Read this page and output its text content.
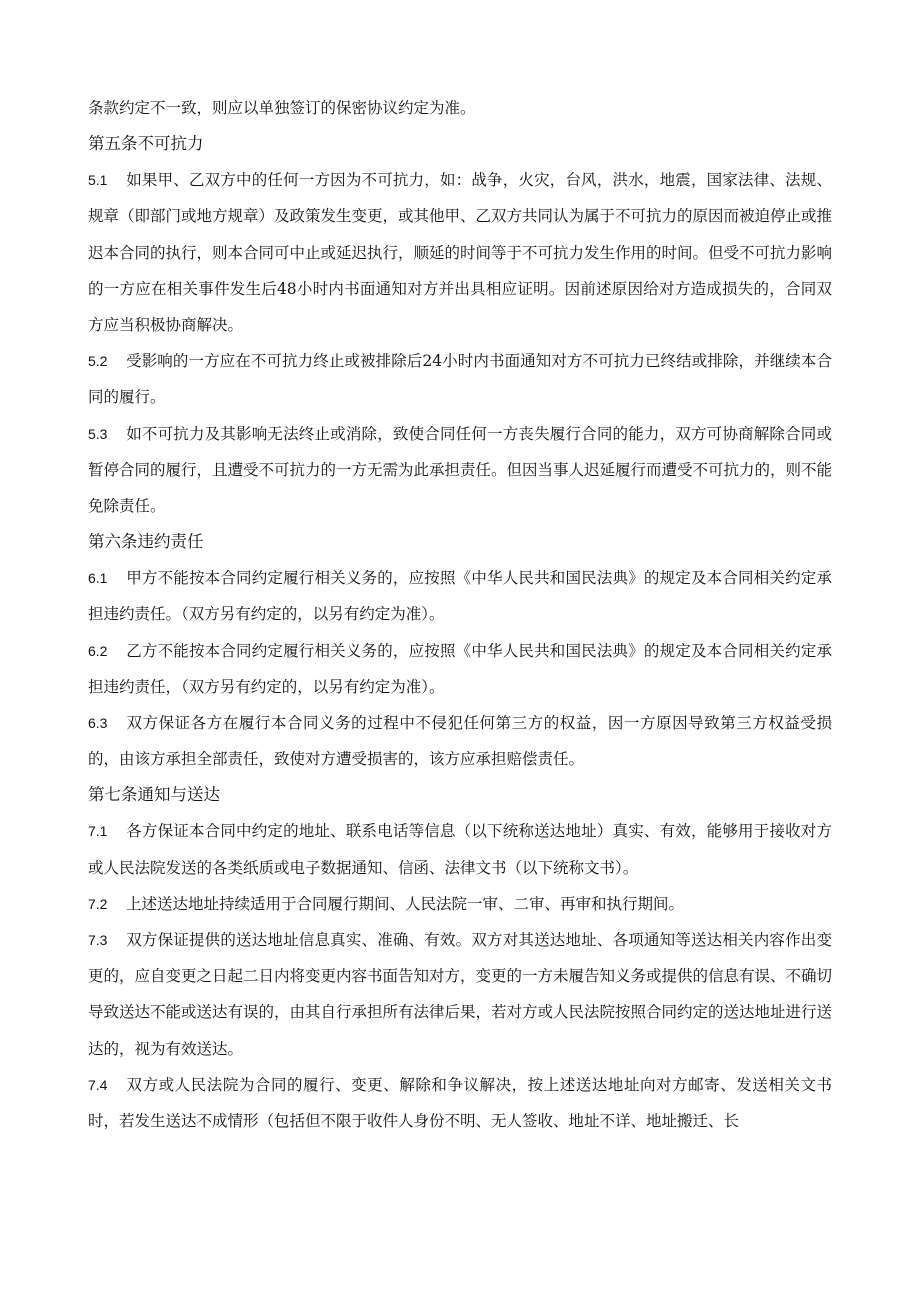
条款约定不一致，则应以单独签订的保密协议约定为准。

第五条不可抗力

5.1 如果甲、乙双方中的任何一方因为不可抗力，如：战争，火灾，台风，洪水，地震，国家法律、法规、规章（即部门或地方规章）及政策发生变更，或其他甲、乙双方共同认为属于不可抗力的原因而被迫停止或推迟本合同的执行，则本合同可中止或延迟执行，顺延的时间等于不可抗力发生作用的时间。但受不可抗力影响的一方应在相关事件发生后48小时内书面通知对方并出具相应证明。因前述原因给对方造成损失的，合同双方应当积极协商解决。

5.2 受影响的一方应在不可抗力终止或被排除后24小时内书面通知对方不可抗力已终结或排除，并继续本合同的履行。

5.3 如不可抗力及其影响无法终止或消除，致使合同任何一方丧失履行合同的能力，双方可协商解除合同或暂停合同的履行，且遭受不可抗力的一方无需为此承担责任。但因当事人迟延履行而遭受不可抗力的，则不能免除责任。

第六条违约责任

6.1 甲方不能按本合同约定履行相关义务的，应按照《中华人民共和国民法典》的规定及本合同相关约定承担违约责任。（双方另有约定的，以另有约定为准）。

6.2 乙方不能按本合同约定履行相关义务的，应按照《中华人民共和国民法典》的规定及本合同相关约定承担违约责任，（双方另有约定的，以另有约定为准）。

6.3 双方保证各方在履行本合同义务的过程中不侵犯任何第三方的权益，因一方原因导致第三方权益受损的，由该方承担全部责任，致使对方遭受损害的，该方应承担赔偿责任。

第七条通知与送达

7.1 各方保证本合同中约定的地址、联系电话等信息（以下统称送达地址）真实、有效，能够用于接收对方或人民法院发送的各类纸质或电子数据通知、信函、法律文书（以下统称文书）。

7.2 上述送达地址持续适用于合同履行期间、人民法院一审、二审、再审和执行期间。

7.3 双方保证提供的送达地址信息真实、准确、有效。双方对其送达地址、各项通知等送达相关内容作出变更的，应自变更之日起二日内将变更内容书面告知对方，变更的一方未履告知义务或提供的信息有误、不确切导致送达不能或送达有误的，由其自行承担所有法律后果，若对方或人民法院按照合同约定的送达地址进行送达的，视为有效送达。

7.4 双方或人民法院为合同的履行、变更、解除和争议解决，按上述送达地址向对方邮寄、发送相关文书时，若发生送达不成情形（包括但不限于收件人身份不明、无人签收、地址不详、地址搬迁、长
